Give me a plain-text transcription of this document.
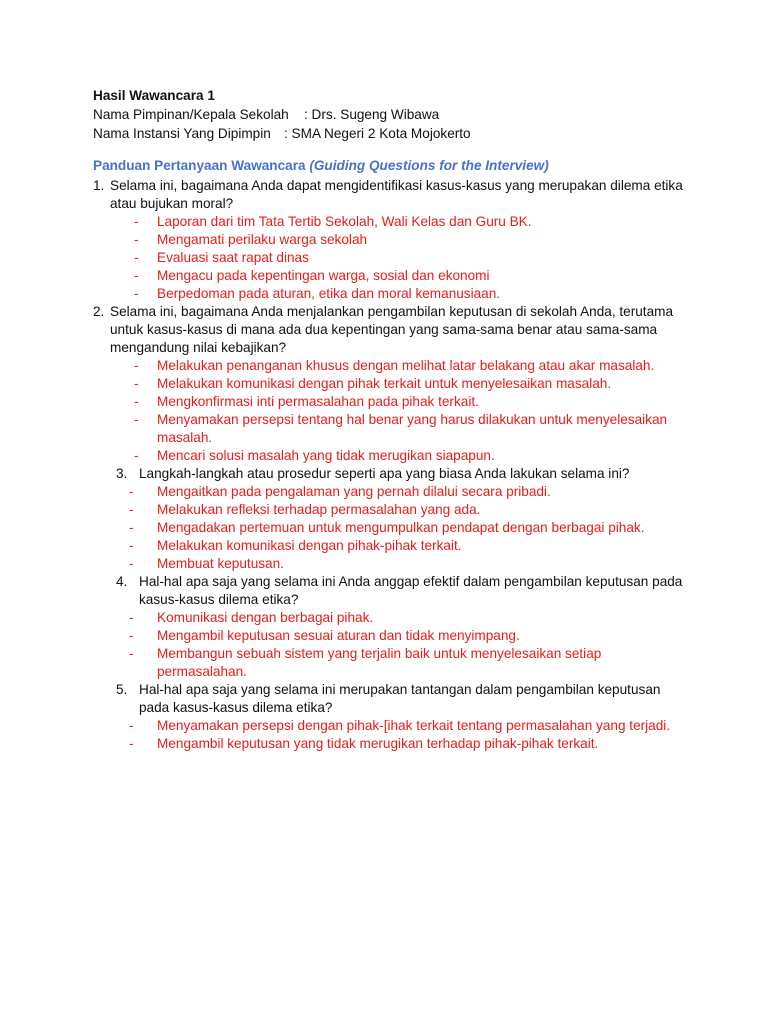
Hasil Wawancara 1
Nama Pimpinan/Kepala Sekolah : Drs. Sugeng Wibawa
Nama Instansi Yang Dipimpin : SMA Negeri 2 Kota Mojokerto
Panduan Pertanyaan Wawancara (Guiding Questions for the Interview)
1. Selama ini, bagaimana Anda dapat mengidentifikasi kasus-kasus yang merupakan dilema etika atau bujukan moral?
-	Laporan dari tim Tata Tertib Sekolah, Wali Kelas dan Guru BK.
-	Mengamati perilaku warga sekolah
-	Evaluasi saat rapat dinas
-	Mengacu pada kepentingan warga, sosial dan ekonomi
-	Berpedoman pada aturan, etika dan moral kemanusiaan.
2. Selama ini, bagaimana Anda menjalankan pengambilan keputusan di sekolah Anda, terutama untuk kasus-kasus di mana ada dua kepentingan yang sama-sama benar atau sama-sama mengandung nilai kebajikan?
-	Melakukan penanganan khusus dengan melihat latar belakang atau akar masalah.
-	Melakukan komunikasi dengan pihak terkait untuk menyelesaikan masalah.
-	Mengkonfirmasi inti permasalahan pada pihak terkait.
-	Menyamakan persepsi tentang hal benar yang harus dilakukan untuk menyelesaikan masalah.
-	Mencari solusi masalah yang tidak merugikan siapapun.
3. Langkah-langkah atau prosedur seperti apa yang biasa Anda lakukan selama ini?
-	Mengaitkan pada pengalaman yang pernah dilalui secara pribadi.
-	Melakukan refleksi terhadap permasalahan yang ada.
-	Mengadakan pertemuan untuk mengumpulkan pendapat dengan berbagai pihak.
-	Melakukan komunikasi dengan pihak-pihak terkait.
-	Membuat keputusan.
4. Hal-hal apa saja yang selama ini Anda anggap efektif dalam pengambilan keputusan pada kasus-kasus dilema etika?
-	Komunikasi dengan berbagai pihak.
-	Mengambil keputusan sesuai aturan dan tidak menyimpang.
-	Membangun sebuah sistem yang terjalin baik untuk menyelesaikan setiap permasalahan.
5. Hal-hal apa saja yang selama ini merupakan tantangan dalam pengambilan keputusan pada kasus-kasus dilema etika?
-	Menyamakan persepsi dengan pihak-[ihak terkait tentang permasalahan yang terjadi.
-	Mengambil keputusan yang tidak merugikan terhadap pihak-pihak terkait.
